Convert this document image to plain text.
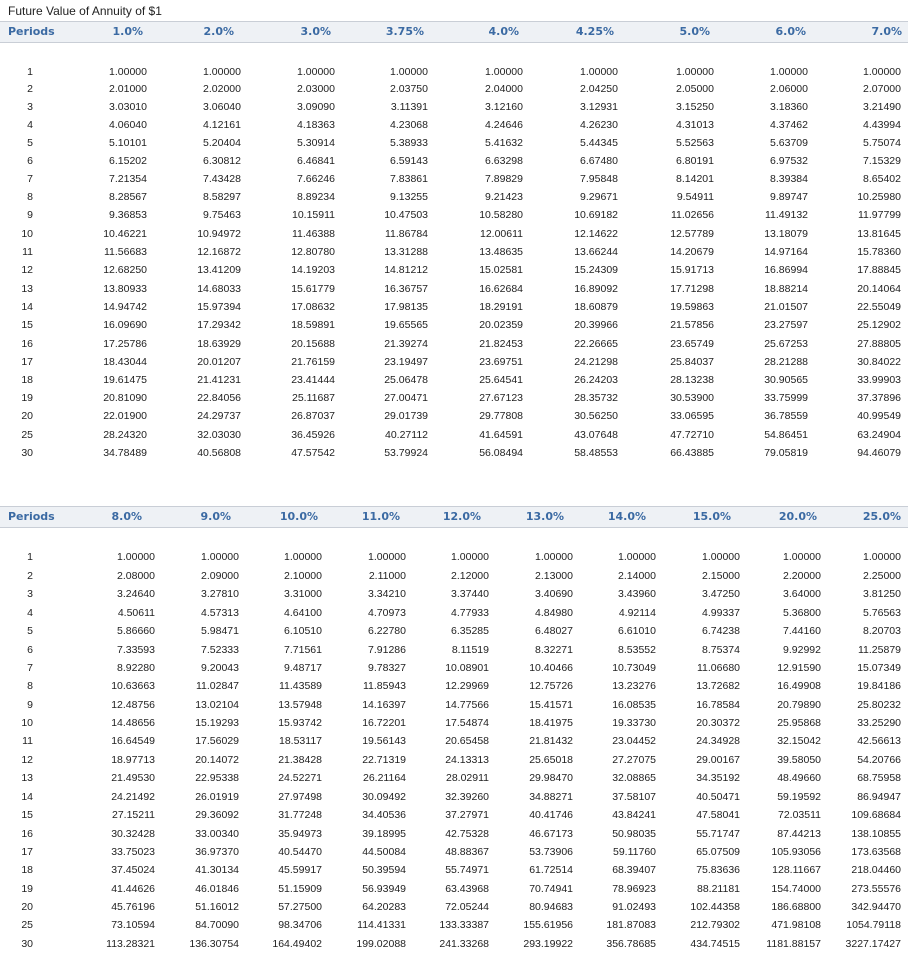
Future Value of Annuity of $1
Periods	1.0%	2.0%	3.0%	3.75%	4.0%	4.25%	5.0%	6.0%	7.0%
1	1.00000	1.00000	1.00000	1.00000	1.00000	1.00000	1.00000	1.00000	1.00000
2	2.01000	2.02000	2.03000	2.03750	2.04000	2.04250	2.05000	2.06000	2.07000
3	3.03010	3.06040	3.09090	3.11391	3.12160	3.12931	3.15250	3.18360	3.21490
4	4.06040	4.12161	4.18363	4.23068	4.24646	4.26230	4.31013	4.37462	4.43994
5	5.10101	5.20404	5.30914	5.38933	5.41632	5.44345	5.52563	5.63709	5.75074
6	6.15202	6.30812	6.46841	6.59143	6.63298	6.67480	6.80191	6.97532	7.15329
7	7.21354	7.43428	7.66246	7.83861	7.89829	7.95848	8.14201	8.39384	8.65402
8	8.28567	8.58297	8.89234	9.13255	9.21423	9.29671	9.54911	9.89747	10.25980
9	9.36853	9.75463	10.15911	10.47503	10.58280	10.69182	11.02656	11.49132	11.97799
10	10.46221	10.94972	11.46388	11.86784	12.00611	12.14622	12.57789	13.18079	13.81645
11	11.56683	12.16872	12.80780	13.31288	13.48635	13.66244	14.20679	14.97164	15.78360
12	12.68250	13.41209	14.19203	14.81212	15.02581	15.24309	15.91713	16.86994	17.88845
13	13.80933	14.68033	15.61779	16.36757	16.62684	16.89092	17.71298	18.88214	20.14064
14	14.94742	15.97394	17.08632	17.98135	18.29191	18.60879	19.59863	21.01507	22.55049
15	16.09690	17.29342	18.59891	19.65565	20.02359	20.39966	21.57856	23.27597	25.12902
16	17.25786	18.63929	20.15688	21.39274	21.82453	22.26665	23.65749	25.67253	27.88805
17	18.43044	20.01207	21.76159	23.19497	23.69751	24.21298	25.84037	28.21288	30.84022
18	19.61475	21.41231	23.41444	25.06478	25.64541	26.24203	28.13238	30.90565	33.99903
19	20.81090	22.84056	25.11687	27.00471	27.67123	28.35732	30.53900	33.75999	37.37896
20	22.01900	24.29737	26.87037	29.01739	29.77808	30.56250	33.06595	36.78559	40.99549
25	28.24320	32.03030	36.45926	40.27112	41.64591	43.07648	47.72710	54.86451	63.24904
30	34.78489	40.56808	47.57542	53.79924	56.08494	58.48553	66.43885	79.05819	94.46079
Periods	8.0%	9.0%	10.0%	11.0%	12.0%	13.0%	14.0%	15.0%	20.0%	25.0%
1	1.00000	1.00000	1.00000	1.00000	1.00000	1.00000	1.00000	1.00000	1.00000	1.00000
2	2.08000	2.09000	2.10000	2.11000	2.12000	2.13000	2.14000	2.15000	2.20000	2.25000
3	3.24640	3.27810	3.31000	3.34210	3.37440	3.40690	3.43960	3.47250	3.64000	3.81250
4	4.50611	4.57313	4.64100	4.70973	4.77933	4.84980	4.92114	4.99337	5.36800	5.76563
5	5.86660	5.98471	6.10510	6.22780	6.35285	6.48027	6.61010	6.74238	7.44160	8.20703
6	7.33593	7.52333	7.71561	7.91286	8.11519	8.32271	8.53552	8.75374	9.92992	11.25879
7	8.92280	9.20043	9.48717	9.78327	10.08901	10.40466	10.73049	11.06680	12.91590	15.07349
8	10.63663	11.02847	11.43589	11.85943	12.29969	12.75726	13.23276	13.72682	16.49908	19.84186
9	12.48756	13.02104	13.57948	14.16397	14.77566	15.41571	16.08535	16.78584	20.79890	25.80232
10	14.48656	15.19293	15.93742	16.72201	17.54874	18.41975	19.33730	20.30372	25.95868	33.25290
11	16.64549	17.56029	18.53117	19.56143	20.65458	21.81432	23.04452	24.34928	32.15042	42.56613
12	18.97713	20.14072	21.38428	22.71319	24.13313	25.65018	27.27075	29.00167	39.58050	54.20766
13	21.49530	22.95338	24.52271	26.21164	28.02911	29.98470	32.08865	34.35192	48.49660	68.75958
14	24.21492	26.01919	27.97498	30.09492	32.39260	34.88271	37.58107	40.50471	59.19592	86.94947
15	27.15211	29.36092	31.77248	34.40536	37.27971	40.41746	43.84241	47.58041	72.03511	109.68684
16	30.32428	33.00340	35.94973	39.18995	42.75328	46.67173	50.98035	55.71747	87.44213	138.10855
17	33.75023	36.97370	40.54470	44.50084	48.88367	53.73906	59.11760	65.07509	105.93056	173.63568
18	37.45024	41.30134	45.59917	50.39594	55.74971	61.72514	68.39407	75.83636	128.11667	218.04460
19	41.44626	46.01846	51.15909	56.93949	63.43968	70.74941	78.96923	88.21181	154.74000	273.55576
20	45.76196	51.16012	57.27500	64.20283	72.05244	80.94683	91.02493	102.44358	186.68800	342.94470
25	73.10594	84.70090	98.34706	114.41331	133.33387	155.61956	181.87083	212.79302	471.98108 1054.79118
30	113.28321	136.30754	164.49402	199.02088	241.33268	293.19922	356.78685	434.74515	1181.88157 3227.17427
